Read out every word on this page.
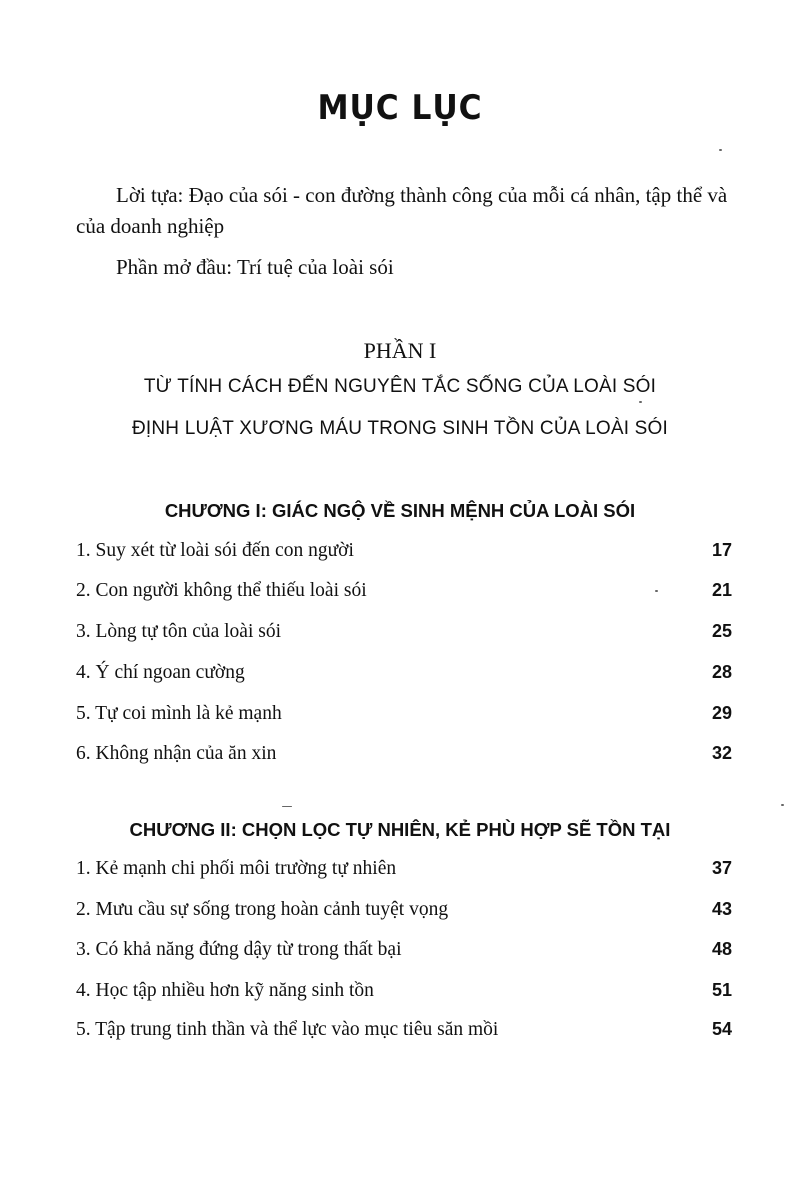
MỤC LỤC
Lời tựa: Đạo của sói - con đường thành công của mỗi cá nhân, tập thể và của doanh nghiệp
Phần mở đầu: Trí tuệ của loài sói
PHẦN I
TỪ TÍNH CÁCH ĐẾN NGUYÊN TẮC SỐNG CỦA LOÀI SÓI
ĐỊNH LUẬT XƯƠNG MÁU TRONG SINH TỒN CỦA LOÀI SÓI
CHƯƠNG I: GIÁC NGỘ VỀ SINH MỆNH CỦA LOÀI SÓI
1. Suy xét từ loài sói đến con người	17
2. Con người không thể thiếu loài sói	21
3. Lòng tự tôn của loài sói	25
4. Ý chí ngoan cường	28
5. Tự coi mình là kẻ mạnh	29
6. Không nhận của ăn xin	32
CHƯƠNG II: CHỌN LỌC TỰ NHIÊN, KẺ PHÙ HỢP SẼ TỒN TẠI
1. Kẻ mạnh chi phối môi trường tự nhiên	37
2. Mưu cầu sự sống trong hoàn cảnh tuyệt vọng	43
3. Có khả năng đứng dậy từ trong thất bại	48
4. Học tập nhiều hơn kỹ năng sinh tồn	51
5. Tập trung tinh thần và thể lực vào mục tiêu săn mồi	54
